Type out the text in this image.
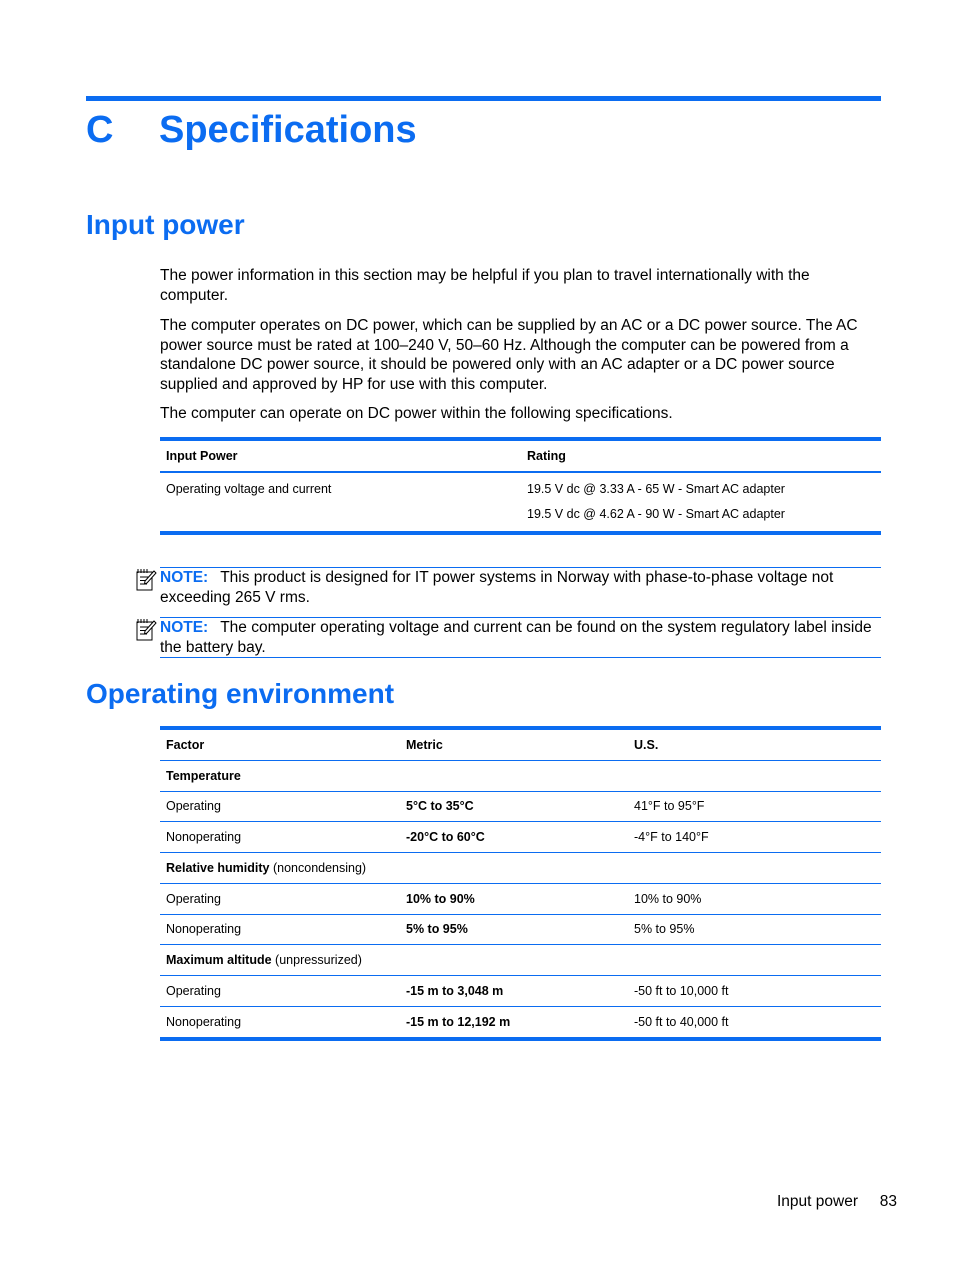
C Specifications
Input power

The power information in this section may be helpful if you plan to travel internationally with the computer.

The computer operates on DC power, which can be supplied by an AC or a DC power source. The AC power source must be rated at 100–240 V, 50–60 Hz. Although the computer can be powered from a standalone DC power source, it should be powered only with an AC adapter or a DC power source supplied and approved by HP for use with this computer.

The computer can operate on DC power within the following specifications.

Input Power	Rating
Operating voltage and current	19.5 V dc @ 3.33 A - 65 W - Smart AC adapter
19.5 V dc @ 4.62 A - 90 W - Smart AC adapter
NOTE: This product is designed for IT power systems in Norway with phase-to-phase voltage not exceeding 265 V rms.
NOTE: The computer operating voltage and current can be found on the system regulatory label inside the battery bay.
Operating environment
Factor	Metric	U.S.
Temperature
Operating	5°C to 35°C	41°F to 95°F
Nonoperating	-20°C to 60°C	-4°F to 140°F
Relative humidity (noncondensing)
Operating	10% to 90%	10% to 90%
Nonoperating	5% to 95%	5% to 95%
Maximum altitude (unpressurized)
Operating	-15 m to 3,048 m	-50 ft to 10,000 ft
Nonoperating	-15 m to 12,192 m	-50 ft to 40,000 ft
Input power 83
